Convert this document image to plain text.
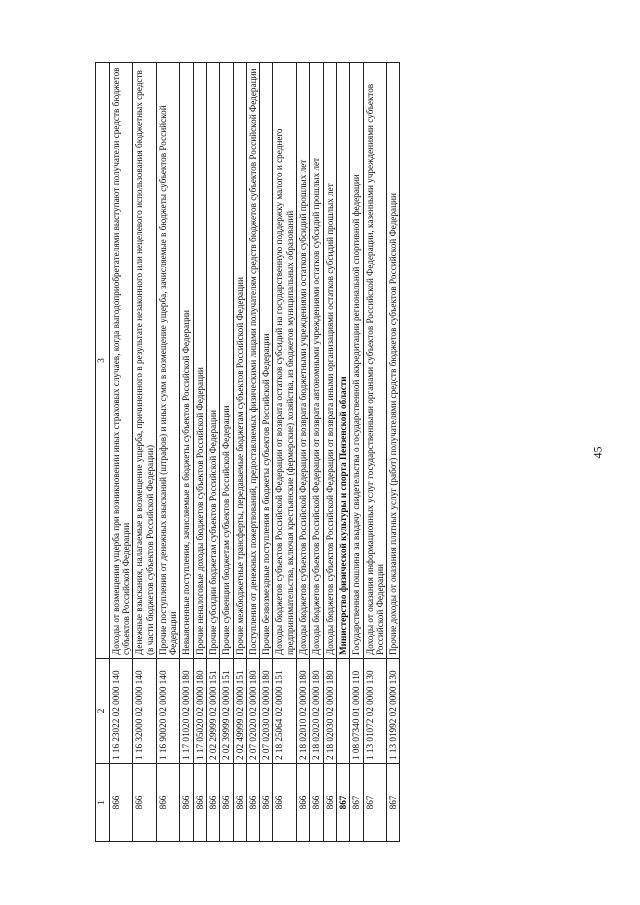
45
1	2	3
866	1 16 23022 02 0000 140	Доходы от возмещения ущерба при возникновении иных страховых случаев, когда выгодоприобретателями выступают получатели средств бюджетов субъектов Российской Федерации
866	1 16 32000 02 0000 140	Денежные взыскания, налагаемые в возмещение ущерба, причиненного в результате незаконного или нецелевого использования бюджетных средств (в части бюджетов субъектов Российской Федерации)
866	1 16 90020 02 0000 140	Прочие поступления от денежных взысканий (штрафов) и иных сумм в возмещение ущерба, зачисляемые в бюджеты субъектов Российской Федерации
866	1 17 01020 02 0000 180	Невыясненные поступления, зачисляемые в бюджеты субъектов Российской Федерации
866	1 17 05020 02 0000 180	Прочие неналоговые доходы бюджетов субъектов Российской Федерации
866	2 02 29999 02 0000 151	Прочие субсидии бюджетам субъектов Российской Федерации
866	2 02 39999 02 0000 151	Прочие субвенции бюджетам субъектов Российской Федерации
866	2 02 49999 02 0000 151	Прочие межбюджетные трансферты, передаваемые бюджетам субъектов Российской Федерации
866	2 07 02020 02 0000 180	Поступления от денежных пожертвований, предоставляемых физическими лицами получателям средств бюджетов субъектов Российской Федерации
866	2 07 02030 02 0000 180	Прочие безвозмездные поступления в бюджеты субъектов Российской Федерации
866	2 18 25064 02 0000 151	Доходы бюджетов субъектов Российской Федерации от возврата остатков субсидий на государственную поддержку малого и среднего предпринимательства, включая крестьянские (фермерские) хозяйства, из бюджетов муниципальных образований
866	2 18 02010 02 0000 180	Доходы бюджетов субъектов Российской Федерации от возврата бюджетными учреждениями остатков субсидий прошлых лет
866	2 18 02020 02 0000 180	Доходы бюджетов субъектов Российской Федерации от возврата автономными учреждениями остатков субсидий прошлых лет
866	2 18 02030 02 0000 180	Доходы бюджетов субъектов Российской Федерации от возврата иными организациями остатков субсидий прошлых лет
867		Министерство физической культуры и спорта Пензенской области
867	1 08 07340 01 0000 110	Государственная пошлина за выдачу свидетельства о государственной аккредитации региональной спортивной федерации
867	1 13 01072 02 0000 130	Доходы от оказания информационных услуг государственными органами субъектов Российской Федерации, казенными учреждениями субъектов Российской Федерации
867	1 13 01992 02 0000 130	Прочие доходы от оказания платных услуг (работ) получателями средств бюджетов субъектов Российской Федерации
